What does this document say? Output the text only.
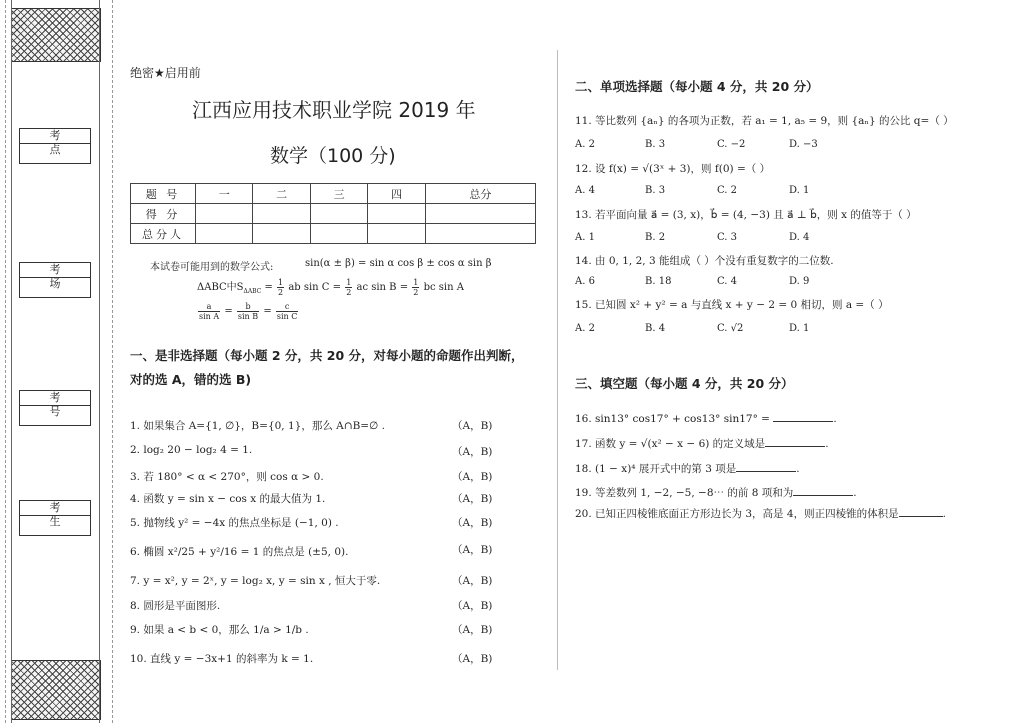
考 点
考 场
考 号
考 生
绝密★启用前
江西应用技术职业学院 2019 年
数学（100 分)
题 号	一	二	三	四	总分
得 分					
总分人					
本试卷可能用到的数学公式:	sin(α ± β) = sin α cos β ± cos α sin β
ΔABC中$S_{\Delta ABC} = \frac{1}{2}$ ab $\sin C = \frac{1}{2}$ ac $\sin B = \frac{1}{2}$ bc sin A
$\frac{a}{\text{sin A}} = \frac{b}{\text{sin B}} = \frac{c}{\text{sin C}}$
一、是非选择题（每小题 2 分，共 20 分，对每小题的命题作出判断，
对的选 A，错的选 B)
1. 如果集合 A={1, ∅}，B={0, 1}，那么 A∩B=∅ .	（A，B)
2. log₂ 20 − log₂ 4 = 1.	（A，B)
3. 若 180° < α < 270°，则 cos α > 0.	（A，B)
4. 函数 y = sin x − cos x 的最大值为 1.	（A，B)
5. 抛物线 y² = −4x 的焦点坐标是 (−1, 0) .	（A，B)
6. 椭圆 x²/25 + y²/16 = 1 的焦点是 (±5, 0).	（A，B)
7. y = x², y = 2ˣ, y = log₂ x, y = sin x , 恒大于零.	（A，B)
8. 圆形是平面图形.	（A，B)
9. 如果 a < b < 0，那么 1/a > 1/b .	（A，B)
10. 直线 y = −3x+1 的斜率为 k = 1.	（A，B)
二、单项选择题（每小题 4 分，共 20 分）
11. 等比数列 {aₙ} 的各项为正数，若 a₁ = 1, a₅ = 9，则 {aₙ} 的公比 q=（ ）
A. 2	B. 3	C. −2	D. −3
12. 设 f(x) = √(3ˣ + 3)，则 f(0) =（ ）
A. 4	B. 3	C. 2	D. 1
13. 若平面向量 a⃗ = (3, x)，b⃗ = (4, −3) 且 a⃗ ⊥ b⃗，则 x 的值等于（ ）
A. 1	B. 2	C. 3	D. 4
14. 由 0, 1, 2, 3 能组成（ ）个没有重复数字的二位数.
A. 6	B. 18	C. 4	D. 9
15. 已知圆 x² + y² = a 与直线 x + y − 2 = 0 相切，则 a =（ ）
A. 2	B. 4	C. √2	D. 1
三、填空题（每小题 4 分，共 20 分）
16. sin13° cos17° + cos13° sin17° =	.
17. 函数 y = √(x² − x − 6) 的定义域是	.
18. (1 − x)⁴ 展开式中的第 3 项是	.
19. 等差数列 1, −2, −5, −8⋯ 的前 8 项和为	.
20. 已知正四棱锥底面正方形边长为 3，高是 4，则正四棱锥的体积是	.
